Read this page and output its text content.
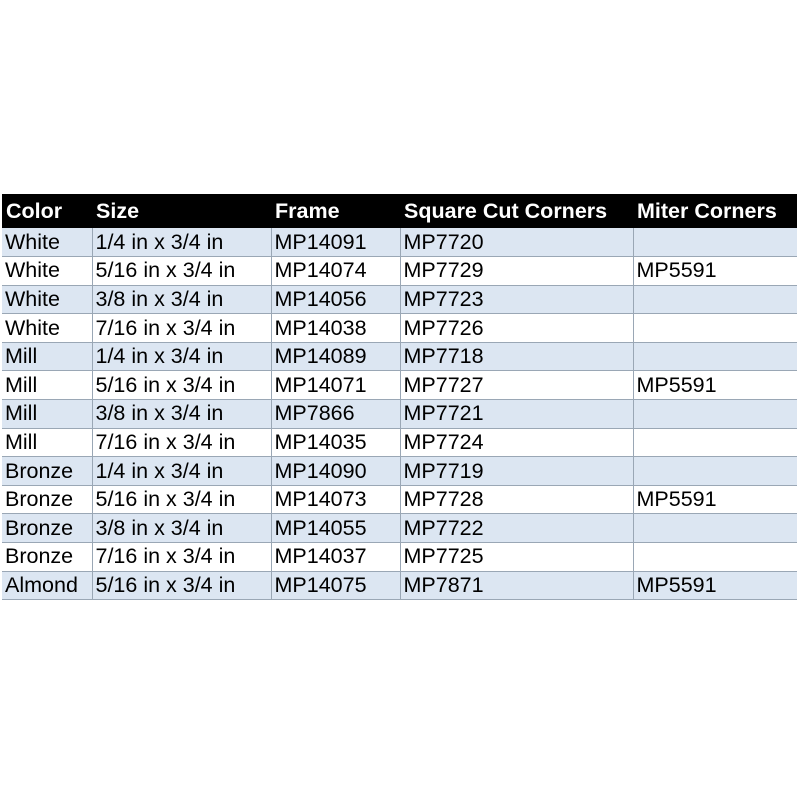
Color	Size	Frame	Square Cut Corners	Miter Corners
White	1/4 in x 3/4 in	MP14091	MP7720	
White	5/16 in x 3/4 in	MP14074	MP7729	MP5591
White	3/8 in x 3/4 in	MP14056	MP7723	
White	7/16 in x 3/4 in	MP14038	MP7726	
Mill	1/4 in x 3/4 in	MP14089	MP7718	
Mill	5/16 in x 3/4 in	MP14071	MP7727	MP5591
Mill	3/8 in x 3/4 in	MP7866	MP7721	
Mill	7/16 in x 3/4 in	MP14035	MP7724	
Bronze	1/4 in x 3/4 in	MP14090	MP7719	
Bronze	5/16 in x 3/4 in	MP14073	MP7728	MP5591
Bronze	3/8 in x 3/4 in	MP14055	MP7722	
Bronze	7/16 in x 3/4 in	MP14037	MP7725	
Almond	5/16 in x 3/4 in	MP14075	MP7871	MP5591
